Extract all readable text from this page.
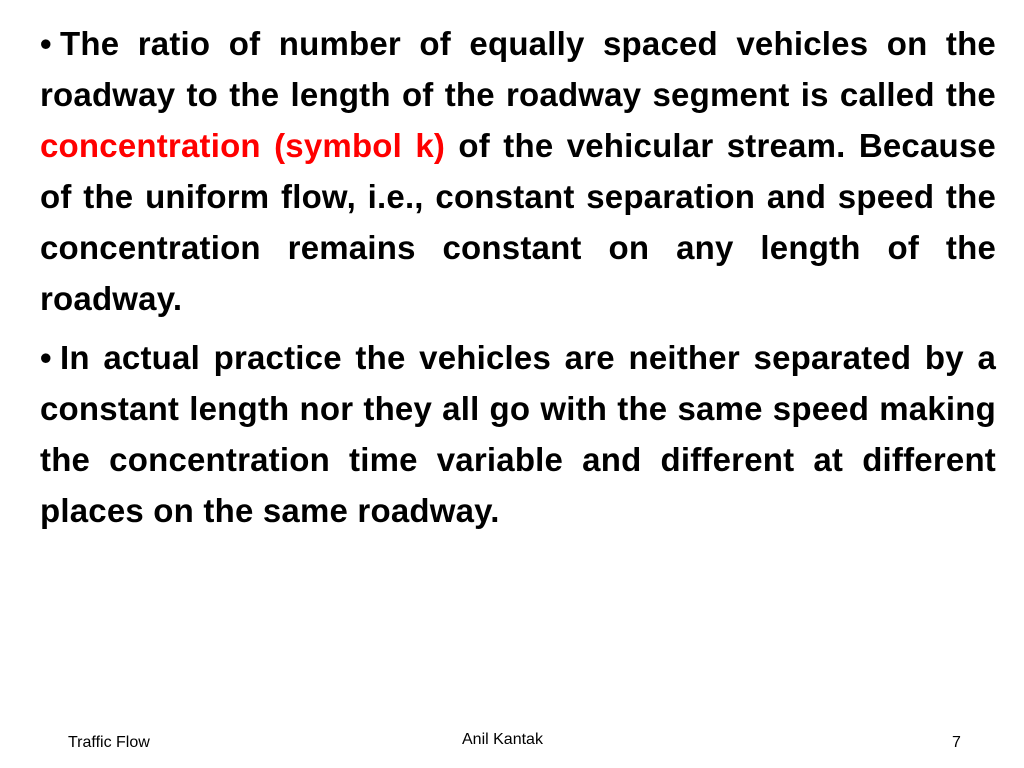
• The ratio of number of equally spaced vehicles on the roadway to the length of the roadway segment is called the concentration (symbol k) of the vehicular stream. Because of the uniform flow, i.e., constant separation and speed the concentration remains constant on any length of the roadway.

• In actual practice the vehicles are neither separated by a constant length nor they all go with the same speed making the concentration time variable and different at different places on the same roadway.

Traffic Flow	Anil Kantak	7
